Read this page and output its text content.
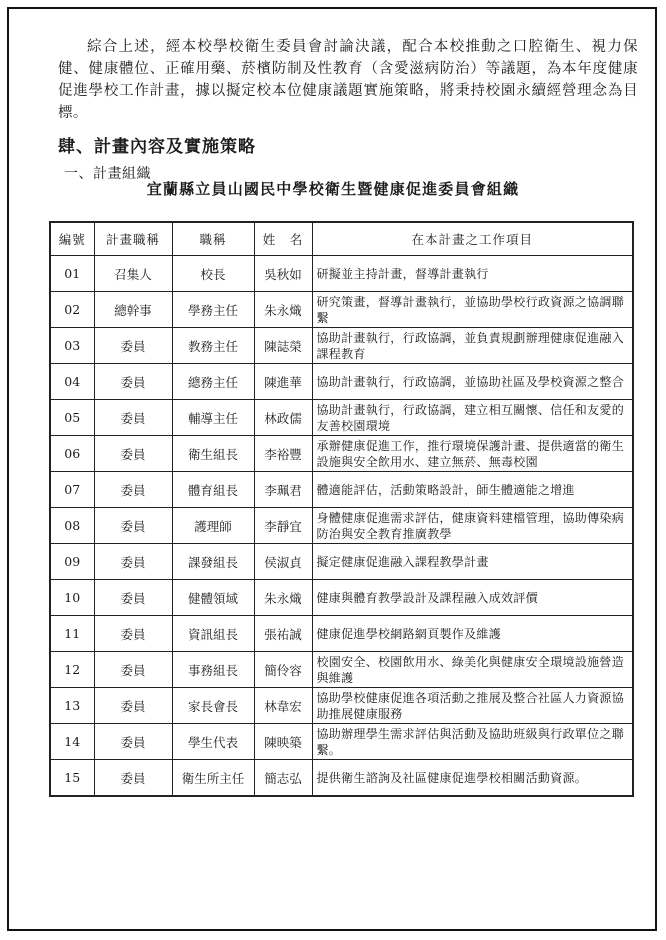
綜合上述，經本校學校衛生委員會討論決議，配合本校推動之口腔衛生、視力保健、健康體位、正確用藥、菸檳防制及性教育（含愛滋病防治）等議題，為本年度健康促進學校工作計畫，據以擬定校本位健康議題實施策略，將秉持校園永續經營理念為目標。
肆、計畫內容及實施策略
一、計畫組織
宜蘭縣立員山國民中學校衛生暨健康促進委員會組織
編號	計畫職稱	職稱	姓　名	在本計畫之工作項目
01	召集人	校長	吳秋如	研擬並主持計畫，督導計畫執行
02	總幹事	學務主任	朱永熾	研究策畫，督導計畫執行，並協助學校行政資源之協調聯繫
03	委員	教務主任	陳誌榮	協助計畫執行，行政協調，並負責規劃辦理健康促進融入課程教育
04	委員	總務主任	陳進華	協助計畫執行，行政協調，並協助社區及學校資源之整合
05	委員	輔導主任	林政儒	協助計畫執行，行政協調，建立相互關懷、信任和友愛的友善校園環境
06	委員	衛生組長	李裕豐	承辦健康促進工作，推行環境保護計畫、提供適當的衛生設施與安全飲用水、建立無菸、無毒校園
07	委員	體育組長	李珮君	體適能評估，活動策略設計，師生體適能之增進
08	委員	護理師	李靜宜	身體健康促進需求評估，健康資料建檔管理，協助傳染病防治與安全教育推廣教學
09	委員	課發組長	侯淑貞	擬定健康促進融入課程教學計畫
10	委員	健體領域	朱永熾	健康與體育教學設計及課程融入成效評價
11	委員	資訊組長	張祐誠	健康促進學校網路網頁製作及維護
12	委員	事務組長	簡伶容	校園安全、校園飲用水、綠美化與健康安全環境設施營造與維護
13	委員	家長會長	林韋宏	協助學校健康促進各項活動之推展及整合社區人力資源協助推展健康服務
14	委員	學生代表	陳映築	協助辦理學生需求評估與活動及協助班級與行政單位之聯繫。
15	委員	衛生所主任	簡志弘	提供衛生諮詢及社區健康促進學校相關活動資源。
